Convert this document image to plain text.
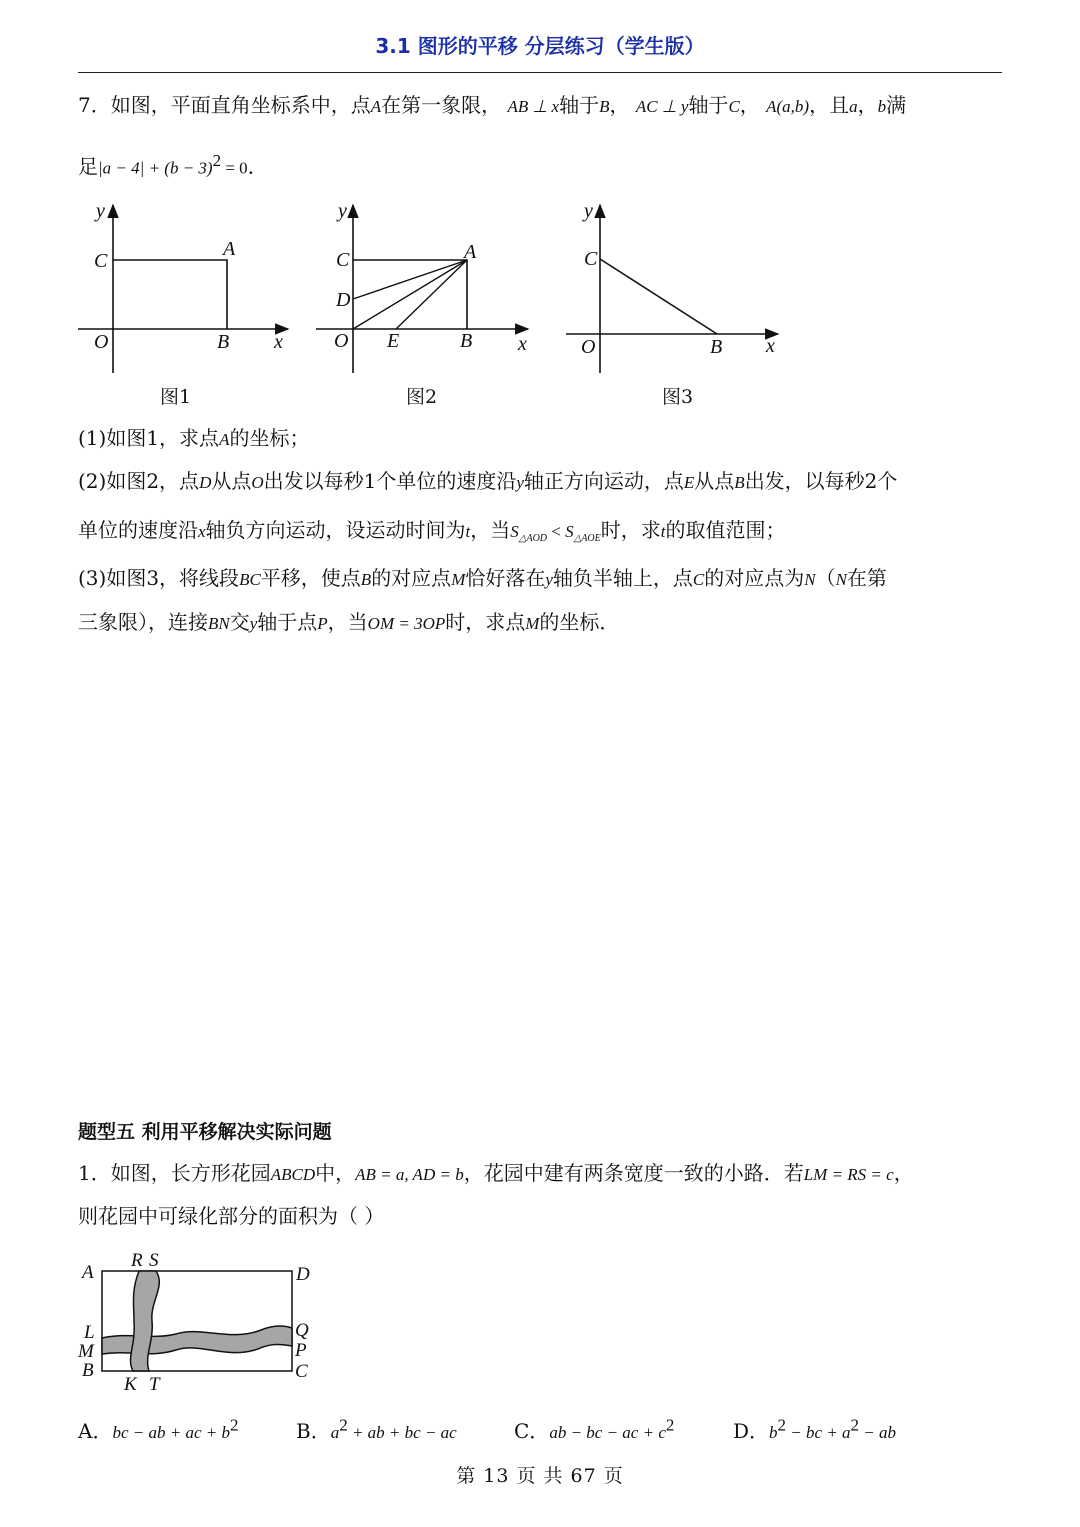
3.1 图形的平移 分层练习（学生版）
7．如图，平面直角坐标系中，点A在第一象限， AB ⊥ x轴于B， AC ⊥ y轴于C， A(a,b)，且a，b满
足$|a - 4| + (b - 3)^2 = 0$．
y
x
C
A
O	B
图1
y
x
C	A
D
O E	B
图2
y
x
C
O	B
图3
(1)如图1，求点A的坐标；
(2)如图2，点D从点O出发以每秒1个单位的速度沿y轴正方向运动，点E从点B出发，以每秒2个
单位的速度沿x轴负方向运动，设运动时间为t，当$S_{\triangle AOD} < S_{\triangle AOE}$时，求t的取值范围；
(3)如图3，将线段BC平移，使点B的对应点M恰好落在y轴负半轴上，点C的对应点为N（N在第
三象限），连接BN交y轴于点P，当OM = 3OP时，求点M的坐标．
题型五 利用平移解决实际问题
1．如图，长方形花园ABCD中，AB = a, AD = b，花园中建有两条宽度一致的小路．若LM = RS = c，
则花园中可绿化部分的面积为（ ）
A
R S
D
L
M
B
Q
P
C
K T
A．bc − ab + ac + $b^2$	B．$a^2$ + ab + bc − ac	C．ab − bc − ac + $c^2$	D．$b^2$ − bc + $a^2$ − ab
第 13 页 共 67 页
